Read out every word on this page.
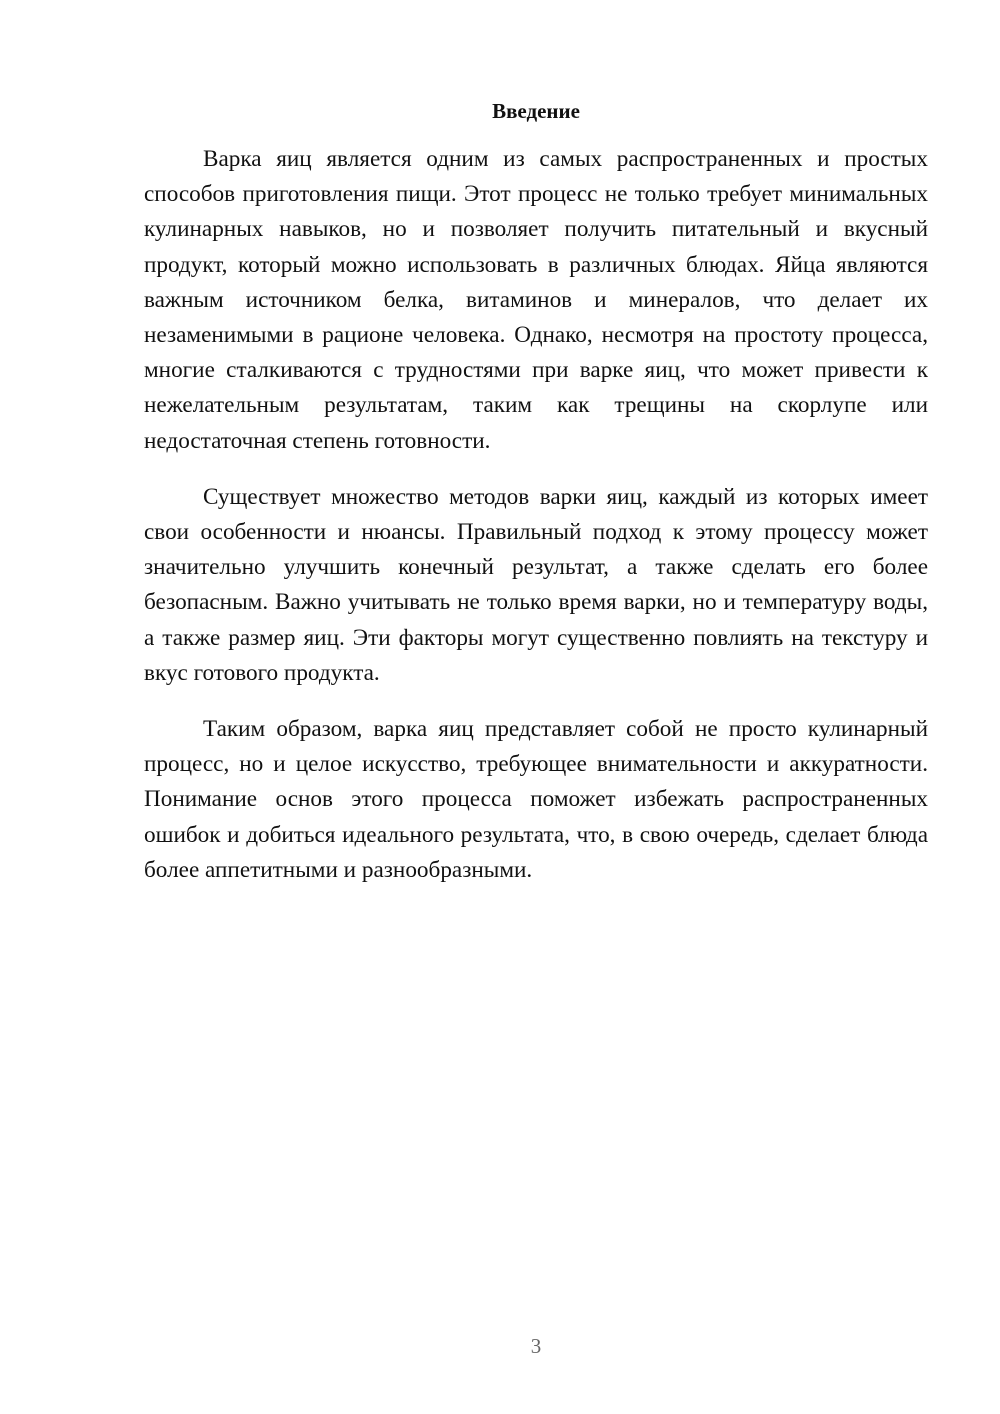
Введение

Варка яиц является одним из самых распространенных и простых способов приготовления пищи. Этот процесс не только требует минимальных кулинарных навыков, но и позволяет получить питательный и вкусный продукт, который можно использовать в различных блюдах. Яйца являются важным источником белка, витаминов и минералов, что делает их незаменимыми в рационе человека. Однако, несмотря на простоту процесса, многие сталкиваются с трудностями при варке яиц, что может привести к нежелательным результатам, таким как трещины на скорлупе или недостаточная степень готовности.

Существует множество методов варки яиц, каждый из которых имеет свои особенности и нюансы. Правильный подход к этому процессу может значительно улучшить конечный результат, а также сделать его более безопасным. Важно учитывать не только время варки, но и температуру воды, а также размер яиц. Эти факторы могут существенно повлиять на текстуру и вкус готового продукта.

Таким образом, варка яиц представляет собой не просто кулинарный процесс, но и целое искусство, требующее внимательности и аккуратности. Понимание основ этого процесса поможет избежать распространенных ошибок и добиться идеального результата, что, в свою очередь, сделает блюда более аппетитными и разнообразными.

3
